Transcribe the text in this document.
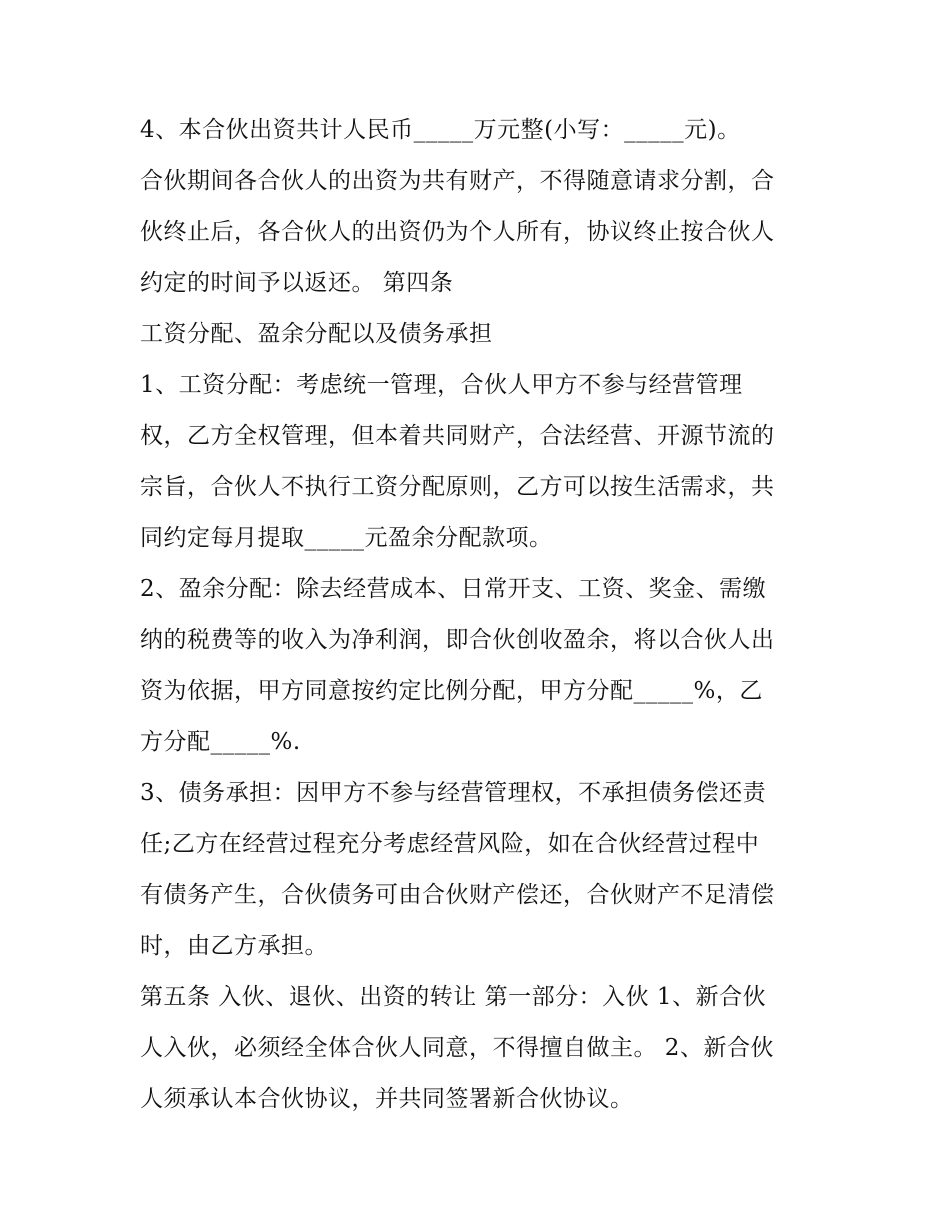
4、本合伙出资共计人民币_____万元整(小写：_____元)。
合伙期间各合伙人的出资为共有财产，不得随意请求分割，合
伙终止后，各合伙人的出资仍为个人所有，协议终止按合伙人
约定的时间予以返还。 第四条
工资分配、盈余分配以及债务承担
1、工资分配：考虑统一管理，合伙人甲方不参与经营管理
权，乙方全权管理，但本着共同财产，合法经营、开源节流的
宗旨，合伙人不执行工资分配原则，乙方可以按生活需求，共
同约定每月提取_____元盈余分配款项。
2、盈余分配：除去经营成本、日常开支、工资、奖金、需缴
纳的税费等的收入为净利润，即合伙创收盈余，将以合伙人出
资为依据，甲方同意按约定比例分配，甲方分配_____%，乙
方分配_____%.
3、债务承担：因甲方不参与经营管理权，不承担债务偿还责
任;乙方在经营过程充分考虑经营风险，如在合伙经营过程中
有债务产生，合伙债务可由合伙财产偿还，合伙财产不足清偿
时，由乙方承担。
第五条 入伙、退伙、出资的转让 第一部分：入伙 1、新合伙
人入伙，必须经全体合伙人同意，不得擅自做主。 2、新合伙
人须承认本合伙协议，并共同签署新合伙协议。
